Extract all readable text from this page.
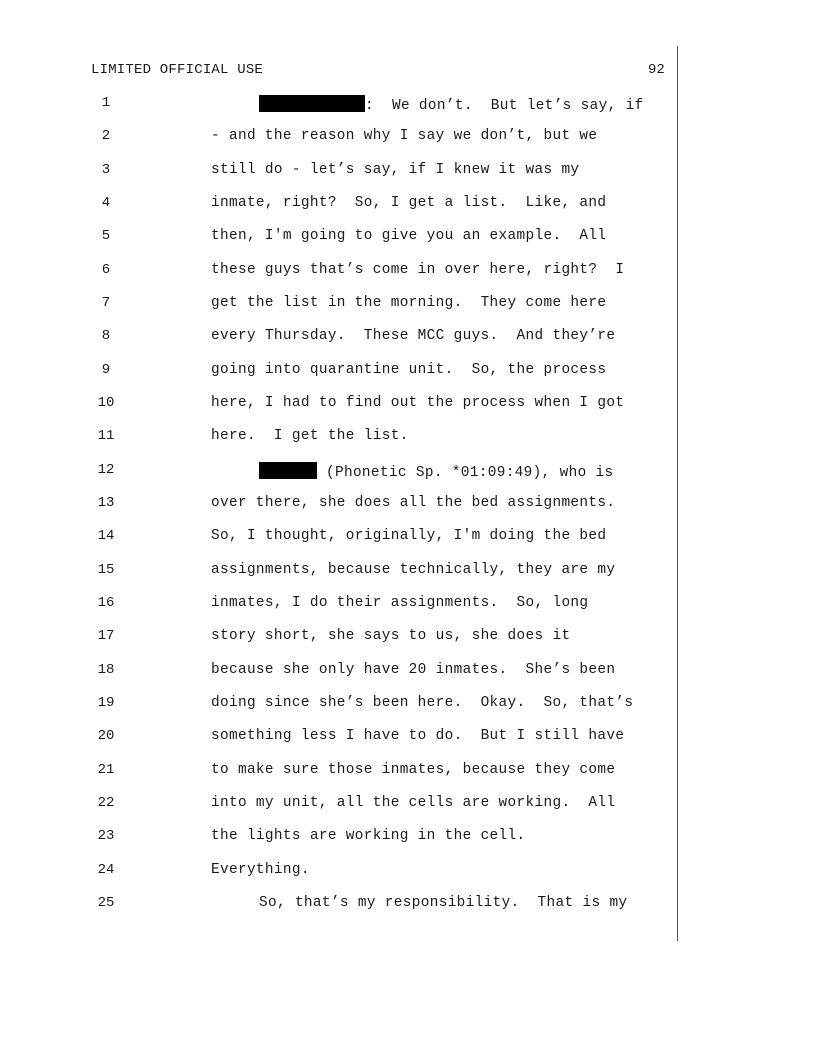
LIMITED OFFICIAL USE	92
1	:  We don’t.  But let’s say, if
2	- and the reason why I say we don’t, but we
3	still do - let’s say, if I knew it was my
4	inmate, right?  So, I get a list.  Like, and
5	then, I'm going to give you an example.  All
6	these guys that’s come in over here, right?  I
7	get the list in the morning.  They come here
8	every Thursday.  These MCC guys.  And they’re
9	going into quarantine unit.  So, the process
10	here, I had to find out the process when I got
11	here.  I get the list.
12	(Phonetic Sp. *01:09:49), who is
13	over there, she does all the bed assignments.
14	So, I thought, originally, I'm doing the bed
15	assignments, because technically, they are my
16	inmates, I do their assignments.  So, long
17	story short, she says to us, she does it
18	because she only have 20 inmates.  She’s been
19	doing since she’s been here.  Okay.  So, that’s
20	something less I have to do.  But I still have
21	to make sure those inmates, because they come
22	into my unit, all the cells are working.  All
23	the lights are working in the cell.
24	Everything.
25	So, that’s my responsibility.  That is my
